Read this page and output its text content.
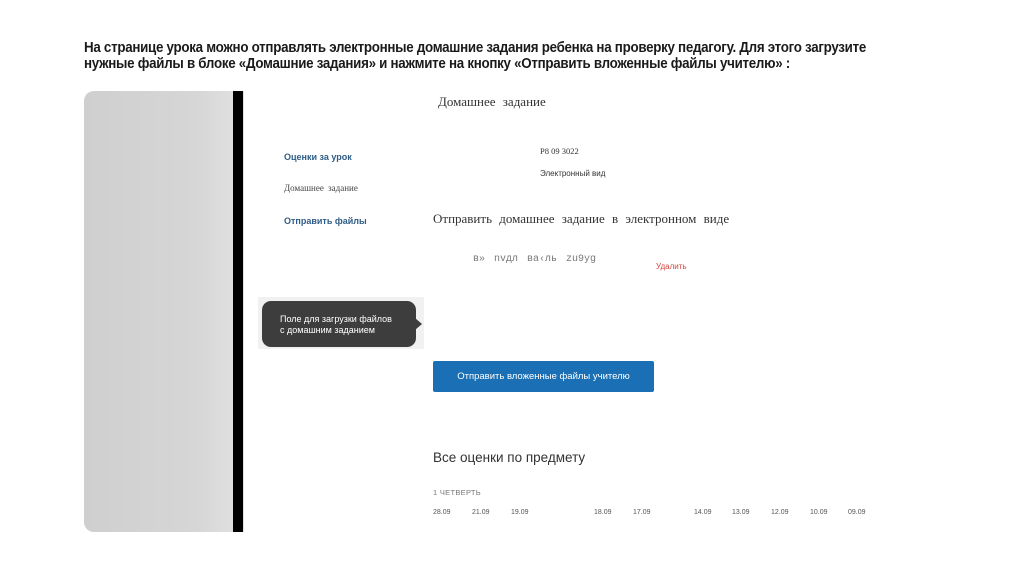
На странице урока можно отправлять электронные домашние задания ребенка на проверку педагогу. Для этого загрузите
нужные файлы в блоке «Домашние задания» и нажмите на кнопку «Отправить вложенные файлы учителю» :
Домашнее задание
Оценки за урок
Домашнее задание
Отправить файлы
P8 09 3022
Электронный вид
Отправить домашнее задание в электронном виде
в» nvдл ва‹ль zu9yg
Удалить
Поле для загрузки файлов
с домашним заданием
Отправить вложенные файлы учителю
Все оценки по предмету
1 ЧЕТВЕРТЬ
28.09	21.09	19.09	18.09	17.09	14.09	13.09	12.09	10.09	09.09
